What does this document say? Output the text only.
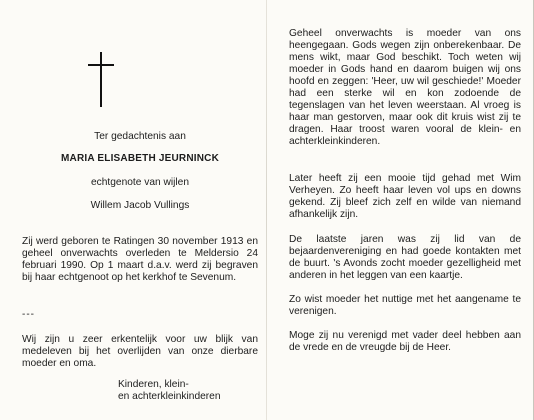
Ter gedachtenis aan
MARIA ELISABETH JEURNINCK
echtgenote van wijlen
Willem Jacob Vullings

Zij werd geboren te Ratingen 30 november 1913 en geheel onverwachts overleden te Meldersio 24 februari 1990. Op 1 maart d.a.v. werd zij begraven bij haar echtgenoot op het kerkhof te Sevenum.

---

Wij zijn u zeer erkentelijk voor uw blijk van medeleven bij het overlijden van onze dierbare moeder en oma.

Kinderen, klein-
en achterkleinkinderen

Geheel onverwachts is moeder van ons heengegaan. Gods wegen zijn onberekenbaar. De mens wikt, maar God beschikt. Toch weten wij moeder in Gods hand en daarom buigen wij ons hoofd en zeggen: 'Heer, uw wil geschiede!' Moeder had een sterke wil en kon zodoende de tegenslagen van het leven weerstaan. Al vroeg is haar man gestorven, maar ook dit kruis wist zij te dragen. Haar troost waren vooral de klein- en achterkleinkinderen.

Later heeft zij een mooie tijd gehad met Wim Verheyen. Zo heeft haar leven vol ups en downs gekend. Zij bleef zich zelf en wilde van niemand afhankelijk zijn.

De laatste jaren was zij lid van de bejaardenvereniging en had goede kontakten met de buurt. 's Avonds zocht moeder gezelligheid met anderen in het leggen van een kaartje.

Zo wist moeder het nuttige met het aangename te verenigen.

Moge zij nu verenigd met vader deel hebben aan de vrede en de vreugde bij de Heer.
